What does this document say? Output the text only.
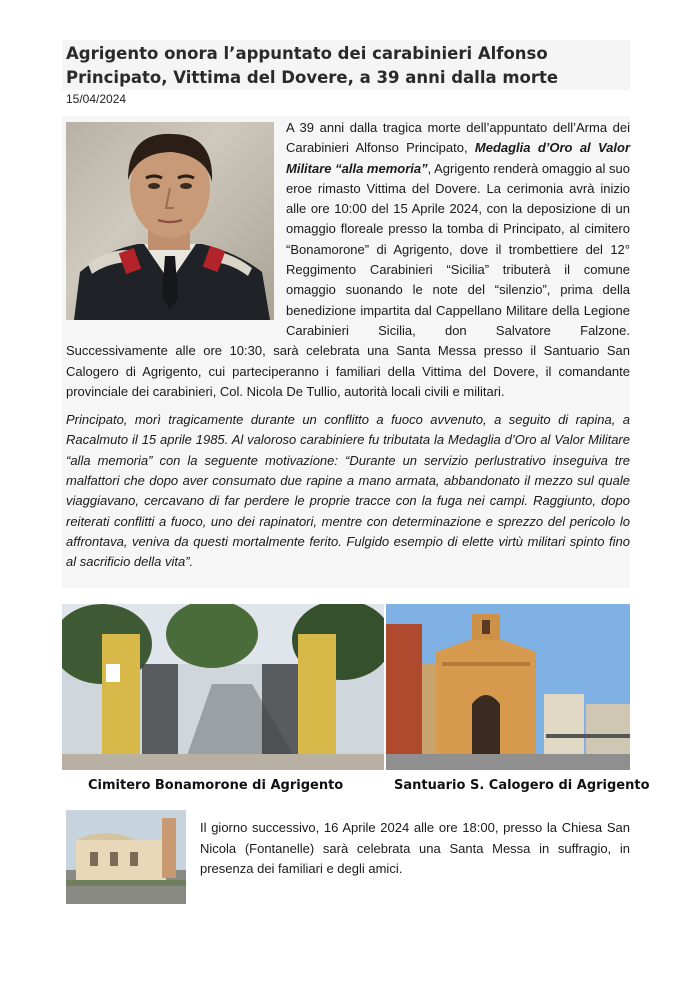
Agrigento onora l’appuntato dei carabinieri Alfonso Principato, Vittima del Dovere, a 39 anni dalla morte
15/04/2024

A 39 anni dalla tragica morte dell’appuntato dell’Arma dei Carabinieri Alfonso Principato, Medaglia d’Oro al Valor Militare “alla memoria”, Agrigento renderà omaggio al suo eroe rimasto Vittima del Dovere. La cerimonia avrà inizio alle ore 10:00 del 15 Aprile 2024, con la deposizione di un omaggio floreale presso la tomba di Principato, al cimitero “Bonamorone” di Agrigento, dove il trombettiere del 12° Reggimento Carabinieri “Sicilia” tributerà il comune omaggio suonando le note del “silenzio”, prima della benedizione impartita dal Cappellano Militare della Legione Carabinieri Sicilia, don Salvatore Falzone. Successivamente alle ore 10:30, sarà celebrata una Santa Messa presso il Santuario San Calogero di Agrigento, cui parteciperanno i familiari della Vittima del Dovere, il comandante provinciale dei carabinieri, Col. Nicola De Tullio, autorità locali civili e militari.

Principato, morì tragicamente durante un conflitto a fuoco avvenuto, a seguito di rapina, a Racalmuto il 15 aprile 1985. Al valoroso carabiniere fu tributata la Medaglia d’Oro al Valor Militare “alla memoria” con la seguente motivazione: “Durante un servizio perlustrativo inseguiva tre malfattori che dopo aver consumato due rapine a mano armata, abbandonato il mezzo sul quale viaggiavano, cercavano di far perdere le proprie tracce con la fuga nei campi. Raggiunto, dopo reiterati conflitti a fuoco, uno dei rapinatori, mentre con determinazione e sprezzo del pericolo lo affrontava, veniva da questi mortalmente ferito. Fulgido esempio di elette virtù militari spinto fino al sacrificio della vita”.

Cimitero Bonamorone di Agrigento	Santuario S. Calogero di Agrigento

Il giorno successivo, 16 Aprile 2024 alle ore 18:00, presso la Chiesa San Nicola (Fontanelle) sarà celebrata una Santa Messa in suffragio, in presenza dei familiari e degli amici.
